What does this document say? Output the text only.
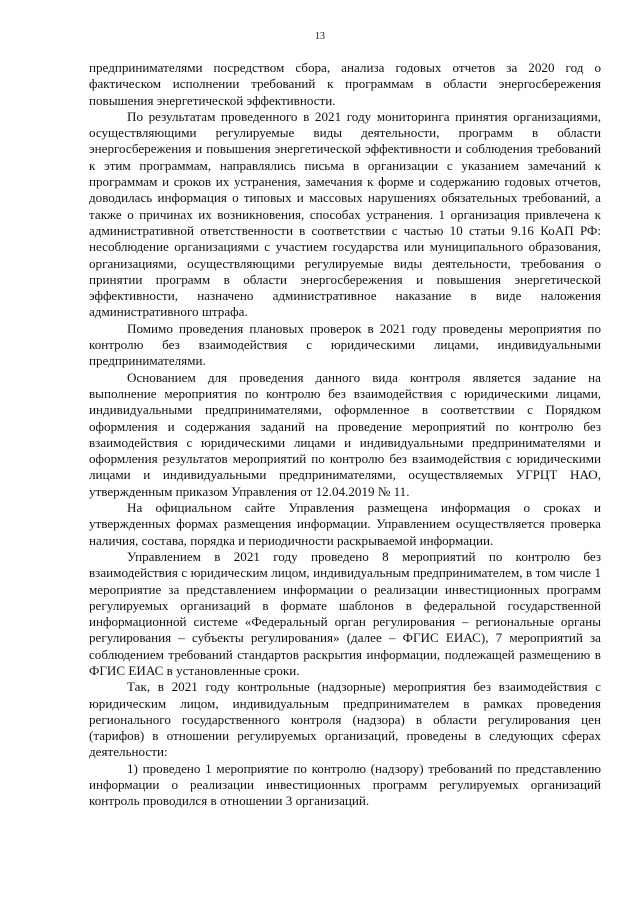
13

предпринимателями посредством сбора, анализа годовых отчетов за 2020 год о фактическом исполнении требований к программам в области энергосбережения повышения энергетической эффективности.

По результатам проведенного в 2021 году мониторинга принятия организациями, осуществляющими регулируемые виды деятельности, программ в области энергосбережения и повышения энергетической эффективности и соблюдения требований к этим программам, направлялись письма в организации с указанием замечаний к программам и сроков их устранения, замечания к форме и содержанию годовых отчетов, доводилась информация о типовых и массовых нарушениях обязательных требований, а также о причинах их возникновения, способах устранения. 1 организация привлечена к административной ответственности в соответствии с частью 10 статьи 9.16 КоАП РФ: несоблюдение организациями с участием государства или муниципального образования, организациями, осуществляющими регулируемые виды деятельности, требования о принятии программ в области энергосбережения и повышения энергетической эффективности, назначено административное наказание в виде наложения административного штрафа.

Помимо проведения плановых проверок в 2021 году проведены мероприятия по контролю без взаимодействия с юридическими лицами, индивидуальными предпринимателями.

Основанием для проведения данного вида контроля является задание на выполнение мероприятия по контролю без взаимодействия с юридическими лицами, индивидуальными предпринимателями, оформленное в соответствии с Порядком оформления и содержания заданий на проведение мероприятий по контролю без взаимодействия с юридическими лицами и индивидуальными предпринимателями и оформления результатов мероприятий по контролю без взаимодействия с юридическими лицами и индивидуальными предпринимателями, осуществляемых УГРЦТ НАО, утвержденным приказом Управления от 12.04.2019 № 11.

На официальном сайте Управления размещена информация о сроках и утвержденных формах размещения информации. Управлением осуществляется проверка наличия, состава, порядка и периодичности раскрываемой информации.

Управлением в 2021 году проведено 8 мероприятий по контролю без взаимодействия с юридическим лицом, индивидуальным предпринимателем, в том числе 1 мероприятие за представлением информации о реализации инвестиционных программ регулируемых организаций в формате шаблонов в федеральной государственной информационной системе «Федеральный орган регулирования – региональные органы регулирования – субъекты регулирования» (далее – ФГИС ЕИАС), 7 мероприятий за соблюдением требований стандартов раскрытия информации, подлежащей размещению в ФГИС ЕИАС в установленные сроки.

Так, в 2021 году контрольные (надзорные) мероприятия без взаимодействия с юридическим лицом, индивидуальным предпринимателем в рамках проведения регионального государственного контроля (надзора) в области регулирования цен (тарифов) в отношении регулируемых организаций, проведены в следующих сферах деятельности:

1) проведено 1 мероприятие по контролю (надзору) требований по представлению информации о реализации инвестиционных программ регулируемых организаций контроль проводился в отношении 3 организаций.
